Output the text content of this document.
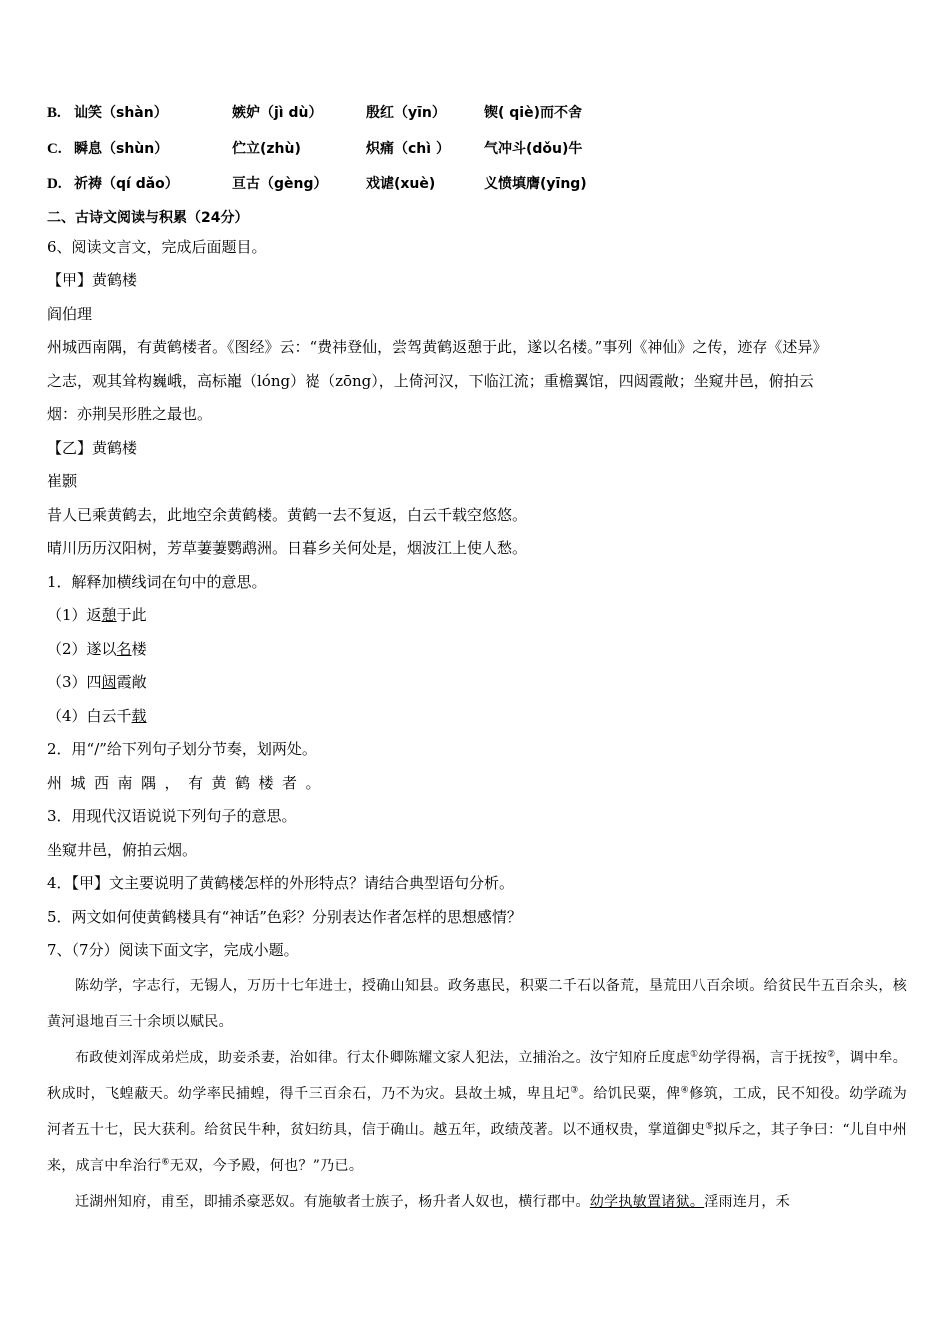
B. 讪笑（shàn）	嫉妒（jì dù）	殷红（yīn）	锲( qiè)而不舍
C. 瞬息（shùn）	伫立(zhù)	炽痛（chì ）	气冲斗(dǒu)牛
D. 祈祷（qí dǎo）	亘古（gèng）	戏谑(xuè)	义愤填膺(yīng)
二、古诗文阅读与积累（24分）
6、阅读文言文，完成后面题目。
【甲】黄鹤楼
阎伯理
州城西南隅，有黄鹤楼者。《图经》云：“费祎登仙，尝驾黄鹤返憩于此，遂以名楼。”事列《神仙》之传，迹存《述异》
之志，观其耸构巍峨，高标巃（lóng）嵸（zōng），上倚河汉，下临江流；重檐翼馆，四闼霞敞；坐窥井邑，俯拍云
烟：亦荆吴形胜之最也。
【乙】黄鹤楼
崔颢
昔人已乘黄鹤去，此地空余黄鹤楼。黄鹤一去不复返，白云千载空悠悠。
晴川历历汉阳树，芳草萋萋鹦鹉洲。日暮乡关何处是，烟波江上使人愁。
1．解释加横线词在句中的意思。
（1）返憩于此
（2）遂以名楼
（3）四闼霞敞
（4）白云千载
2．用“/”给下列句子划分节奏，划两处。
州城西南隅，有黄鹤楼者。
3．用现代汉语说说下列句子的意思。
坐窥井邑，俯拍云烟。
4．【甲】文主要说明了黄鹤楼怎样的外形特点？请结合典型语句分析。
5．两文如何使黄鹤楼具有“神话”色彩？分别表达作者怎样的思想感情？
7、（7分）阅读下面文字，完成小题。
陈幼学，字志行，无锡人，万历十七年进士，授确山知县。政务惠民，积粟二千石以备荒，垦荒田八百余顷。给贫民牛五百余头，核黄河退地百三十余顷以赋民。
布政使刘浑成弟烂成，助妾杀妻，治如律。行太仆卿陈耀文家人犯法，立捕治之。汝宁知府丘度虑①幼学得祸，言于抚按②，调中牟。秋成时，飞蝗蔽天。幼学率民捕蝗，得千三百余石，乃不为灾。县故土城，卑且圮③。给饥民粟，俾④修筑，工成，民不知役。幼学疏为河者五十七，民大获利。给贫民牛种，贫妇纺具，信于确山。越五年，政绩茂著。以不通权贵，掌道御史⑤拟斥之，其子争曰：“儿自中州来，成言中牟治行⑥无双，今予殿，何也？”乃已。
迁湖州知府，甫至，即捕杀豪恶奴。有施敏者士族子，杨升者人奴也，横行郡中。幼学执敏置诸狱。淫雨连月，禾
